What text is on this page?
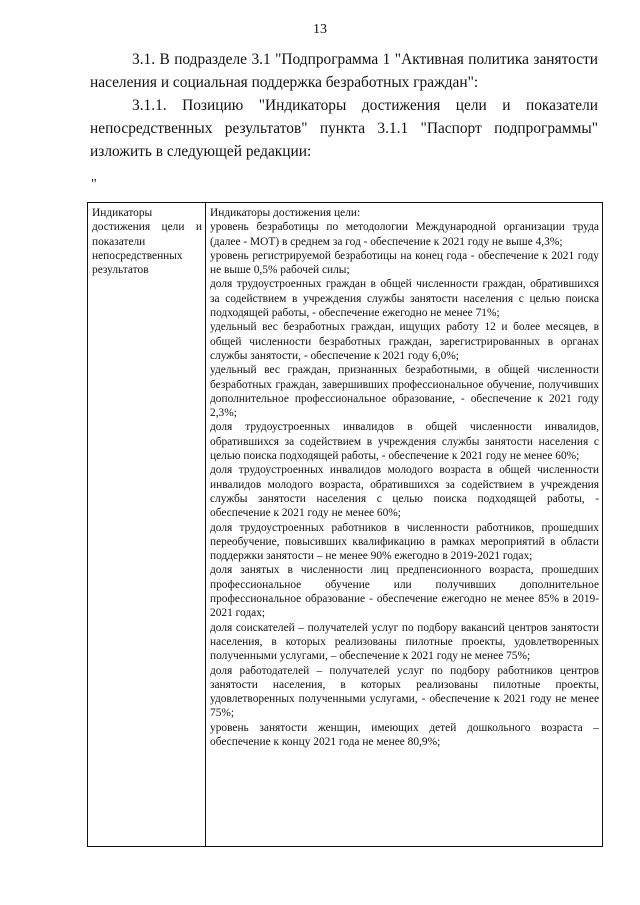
13

3.1. В подразделе 3.1 "Подпрограмма 1 "Активная политика занятости населения и социальная поддержка безработных граждан":

3.1.1. Позицию "Индикаторы достижения цели и показатели непосредственных результатов" пункта 3.1.1 "Паспорт подпрограммы" изложить в следующей редакции:

"
Индикаторы достижения цели и показатели непосредственных результатов
Индикаторы достижения цели:
уровень безработицы по методологии Международной организации труда (далее - МОТ) в среднем за год - обеспечение к 2021 году не выше 4,3%;
уровень регистрируемой безработицы на конец года - обеспечение к 2021 году не выше 0,5% рабочей силы;
доля трудоустроенных граждан в общей численности граждан, обратившихся за содействием в учреждения службы занятости населения с целью поиска подходящей работы, - обеспечение ежегодно не менее 71%;
удельный вес безработных граждан, ищущих работу 12 и более месяцев, в общей численности безработных граждан, зарегистрированных в органах службы занятости, - обеспечение к 2021 году 6,0%;
удельный вес граждан, признанных безработными, в общей численности безработных граждан, завершивших профессиональное обучение, получивших дополнительное профессиональное образование, - обеспечение к 2021 году 2,3%;
доля трудоустроенных инвалидов в общей численности инвалидов, обратившихся за содействием в учреждения службы занятости населения с целью поиска подходящей работы, - обеспечение к 2021 году не менее 60%;
доля трудоустроенных инвалидов молодого возраста в общей численности инвалидов молодого возраста, обратившихся за содействием в учреждения службы занятости населения с целью поиска подходящей работы, - обеспечение к 2021 году не менее 60%;
доля трудоустроенных работников в численности работников, прошедших переобучение, повысивших квалификацию в рамках мероприятий в области поддержки занятости – не менее 90% ежегодно в 2019-2021 годах;
доля занятых в численности лиц предпенсионного возраста, прошедших профессиональное обучение или получивших дополнительное профессиональное образование - обеспечение ежегодно не менее 85% в 2019-2021 годах;
доля соискателей – получателей услуг по подбору вакансий центров занятости населения, в которых реализованы пилотные проекты, удовлетворенных полученными услугами, – обеспечение к 2021 году не менее 75%;
доля работодателей – получателей услуг по подбору работников центров занятости населения, в которых реализованы пилотные проекты, удовлетворенных полученными услугами, - обеспечение к 2021 году не менее 75%;
уровень занятости женщин, имеющих детей дошкольного возраста – обеспечение к концу 2021 года не менее 80,9%;
